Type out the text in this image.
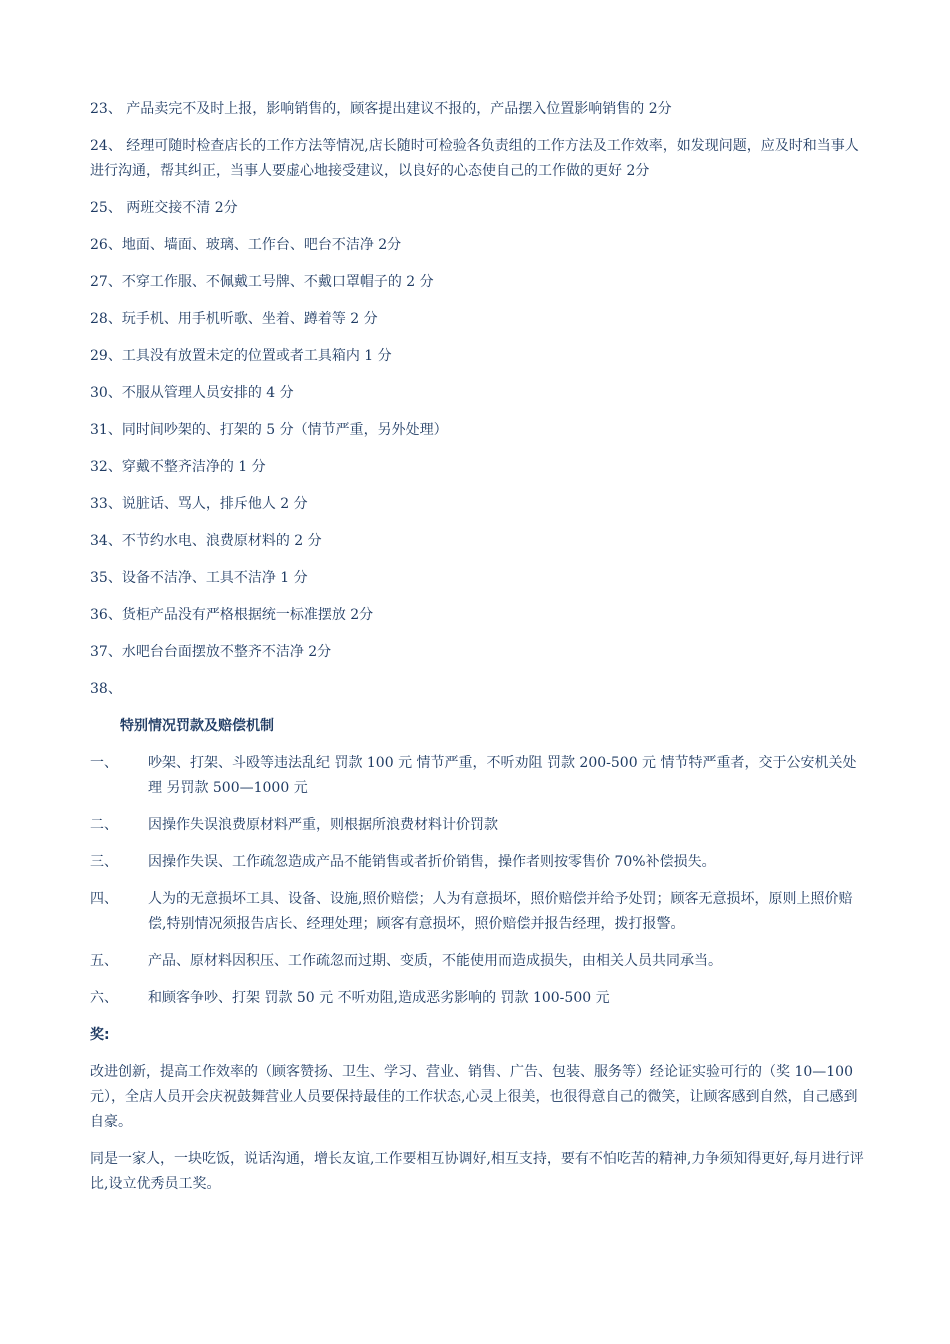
23、 产品卖完不及时上报，影响销售的，顾客提出建议不报的，产品摆入位置影响销售的 2分
24、 经理可随时检查店长的工作方法等情况,店长随时可检验各负责组的工作方法及工作效率，如发现问题，应及时和当事人进行沟通，帮其纠正，当事人要虚心地接受建议，以良好的心态使自己的工作做的更好 2分
25、 两班交接不清 2分
26、地面、墙面、玻璃、工作台、吧台不洁净 2分
27、不穿工作服、不佩戴工号牌、不戴口罩帽子的 2 分
28、玩手机、用手机听歌、坐着、蹲着等 2 分
29、工具没有放置未定的位置或者工具箱内 1 分
30、不服从管理人员安排的 4 分
31、同时间吵架的、打架的 5 分（情节严重，另外处理）
32、穿戴不整齐洁净的 1 分
33、说脏话、骂人，排斥他人 2 分
34、不节约水电、浪费原材料的 2 分
35、设备不洁净、工具不洁净 1 分
36、货柜产品没有严格根据统一标准摆放 2分
37、水吧台台面摆放不整齐不洁净 2分
38、
特别情况罚款及赔偿机制
一、	吵架、打架、斗殴等违法乱纪 罚款 100 元 情节严重，不听劝阻 罚款 200-500 元 情节特严重者，交于公安机关处理 另罚款 500—1000 元
二、	因操作失误浪费原材料严重，则根据所浪费材料计价罚款
三、	因操作失误、工作疏忽造成产品不能销售或者折价销售，操作者则按零售价 70%补偿损失。
四、	人为的无意损坏工具、设备、设施,照价赔偿；人为有意损坏，照价赔偿并给予处罚；顾客无意损坏，原则上照价赔偿,特别情况须报告店长、经理处理；顾客有意损坏，照价赔偿并报告经理，拨打报警。
五、	产品、原材料因积压、工作疏忽而过期、变质，不能使用而造成损失，由相关人员共同承当。
六、	和顾客争吵、打架 罚款 50 元 不听劝阻,造成恶劣影响的 罚款 100-500 元
奖:
改进创新，提高工作效率的（顾客赞扬、卫生、学习、营业、销售、广告、包装、服务等）经论证实验可行的（奖 10—100 元），全店人员开会庆祝鼓舞营业人员要保持最佳的工作状态,心灵上很美，也很得意自己的微笑，让顾客感到自然，自己感到自豪。
同是一家人，一块吃饭，说话沟通，增长友谊,工作要相互协调好,相互支持，要有不怕吃苦的精神,力争须知得更好,每月进行评比,设立优秀员工奖。
